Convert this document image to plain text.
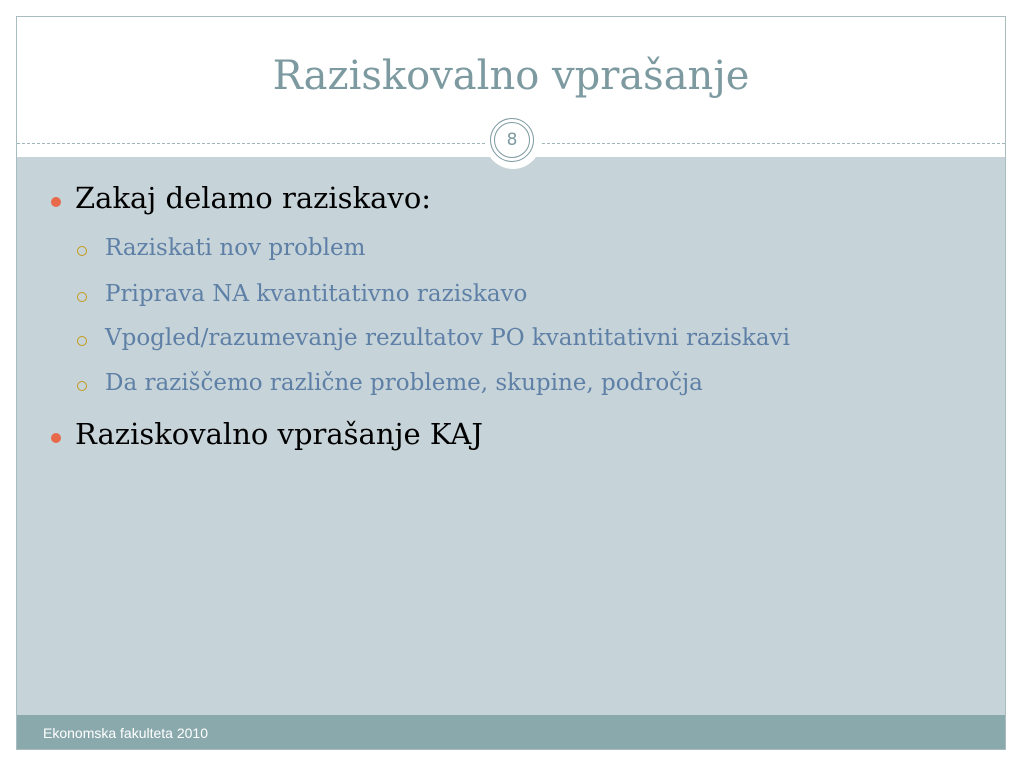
Raziskovalno vprašanje
8
Zakaj delamo raziskavo:
Raziskati nov problem
Priprava NA kvantitativno raziskavo
Vpogled/razumevanje rezultatov PO kvantitativni raziskavi
Da raziščemo različne probleme, skupine, področja
Raziskovalno vprašanje KAJ
Ekonomska fakulteta 2010
